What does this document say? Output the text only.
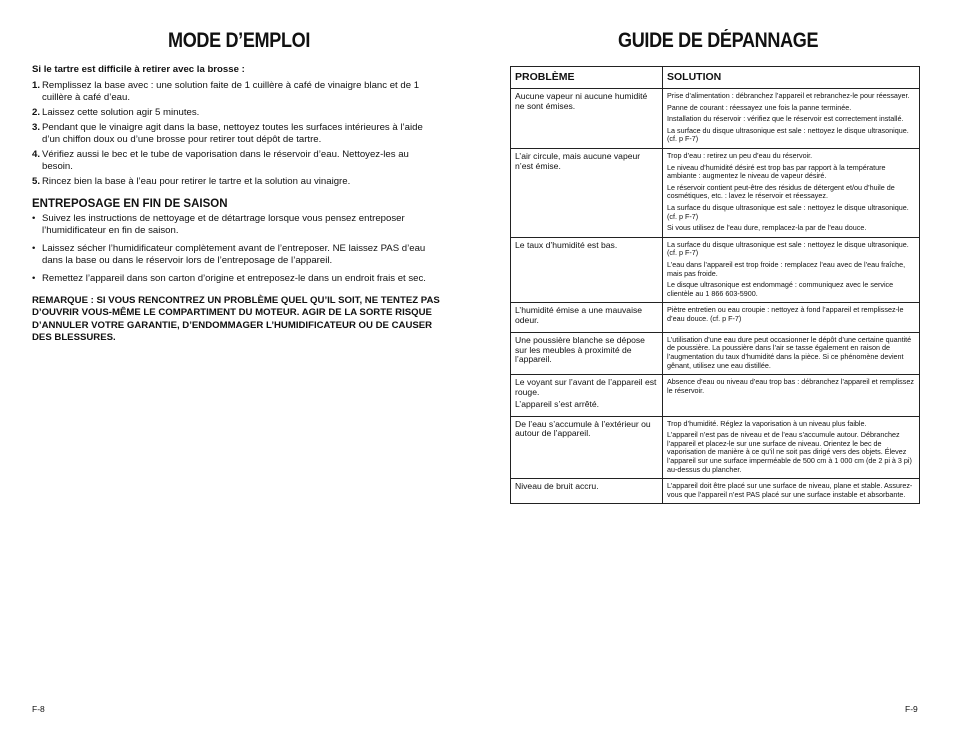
MODE D’EMPLOI
Si le tartre est difficile à retirer avec la brosse :
1. Remplissez la base avec : une solution faite de 1 cuillère à café de vinaigre blanc et de 1 cuillère à café d’eau.
2. Laissez cette solution agir 5 minutes.
3. Pendant que le vinaigre agit dans la base, nettoyez toutes les surfaces intérieures à l’aide d’un chiffon doux ou d’une brosse pour retirer tout dépôt de tartre.
4. Vérifiez aussi le bec et le tube de vaporisation dans le réservoir d’eau. Nettoyez-les au besoin.
5. Rincez bien la base à l’eau pour retirer le tartre et la solution au vinaigre.
ENTREPOSAGE EN FIN DE SAISON
• Suivez les instructions de nettoyage et de détartrage lorsque vous pensez entreposer l’humidificateur en fin de saison.
• Laissez sécher l’humidificateur complètement avant de l’entreposer. NE laissez PAS d’eau dans la base ou dans le réservoir lors de l’entreposage de l’appareil.
• Remettez l’appareil dans son carton d’origine et entreposez-le dans un endroit frais et sec.
REMARQUE : SI VOUS RENCONTREZ UN PROBLÈME QUEL QU’IL SOIT, NE TENTEZ PAS D’OUVRIR VOUS-MÊME LE COMPARTIMENT DU MOTEUR. AGIR DE LA SORTE RISQUE D’ANNULER VOTRE GARANTIE, D’ENDOMMAGER L’HUMIDIFICATEUR OU DE CAUSER DES BLESSURES.
GUIDE DE DÉPANNAGE
PROBLÈME	SOLUTION

Aucune vapeur ni aucune humidité ne sont émises.	Prise d’alimentation : débranchez l’appareil et rebranchez-le pour réessayer.
Panne de courant : réessayez une fois la panne terminée.
Installation du réservoir : vérifiez que le réservoir est correctement installé.
La surface du disque ultrasonique est sale : nettoyez le disque ultrasonique. (cf. p F-7)

L’air circule, mais aucune vapeur n’est émise.	Trop d’eau : retirez un peu d’eau du réservoir.
Le niveau d’humidité désiré est trop bas par rapport à la température ambiante : augmentez le niveau de vapeur désiré.
Le réservoir contient peut-être des résidus de détergent et/ou d’huile de cosmétiques, etc. : lavez le réservoir et réessayez.
La surface du disque ultrasonique est sale : nettoyez le disque ultrasonique. (cf. p F-7)
Si vous utilisez de l’eau dure, remplacez-la par de l’eau douce.

Le taux d’humidité est bas.	La surface du disque ultrasonique est sale : nettoyez le disque ultrasonique. (cf. p F-7)
L’eau dans l’appareil est trop froide : remplacez l’eau avec de l’eau fraîche, mais pas froide.
Le disque ultrasonique est endommagé : communiquez avec le service clientèle au 1 866 603-5900.

L’humidité émise a une mauvaise odeur.	Piètre entretien ou eau croupie : nettoyez à fond l’appareil et remplissez-le d’eau douce. (cf. p F-7)

Une poussière blanche se dépose sur les meubles à proximité de l’appareil.	L’utilisation d’une eau dure peut occasionner le dépôt d’une certaine quantité de poussière. La poussière dans l’air se tasse également en raison de l’augmentation du taux d’humidité dans la pièce. Si ce phénomène devient gênant, utilisez une eau distillée.

Le voyant sur l’avant de l’appareil est rouge.
L’appareil s’est arrêté.	Absence d’eau ou niveau d’eau trop bas : débranchez l’appareil et remplissez le réservoir.

De l’eau s’accumule à l’extérieur ou autour de l’appareil.	Trop d’humidité. Réglez la vaporisation à un niveau plus faible.
L’appareil n’est pas de niveau et de l’eau s’accumule autour. Débranchez l’appareil et placez-le sur une surface de niveau. Orientez le bec de vaporisation de manière à ce qu’il ne soit pas dirigé vers des objets. Élevez l’appareil sur une surface imperméable de 500 cm à 1 000 cm (de 2 pi à 3 pi) au-dessus du plancher.

Niveau de bruit accru.	L’appareil doit être placé sur une surface de niveau, plane et stable. Assurez-vous que l’appareil n’est PAS placé sur une surface instable et absorbante.
F-8	F-9
